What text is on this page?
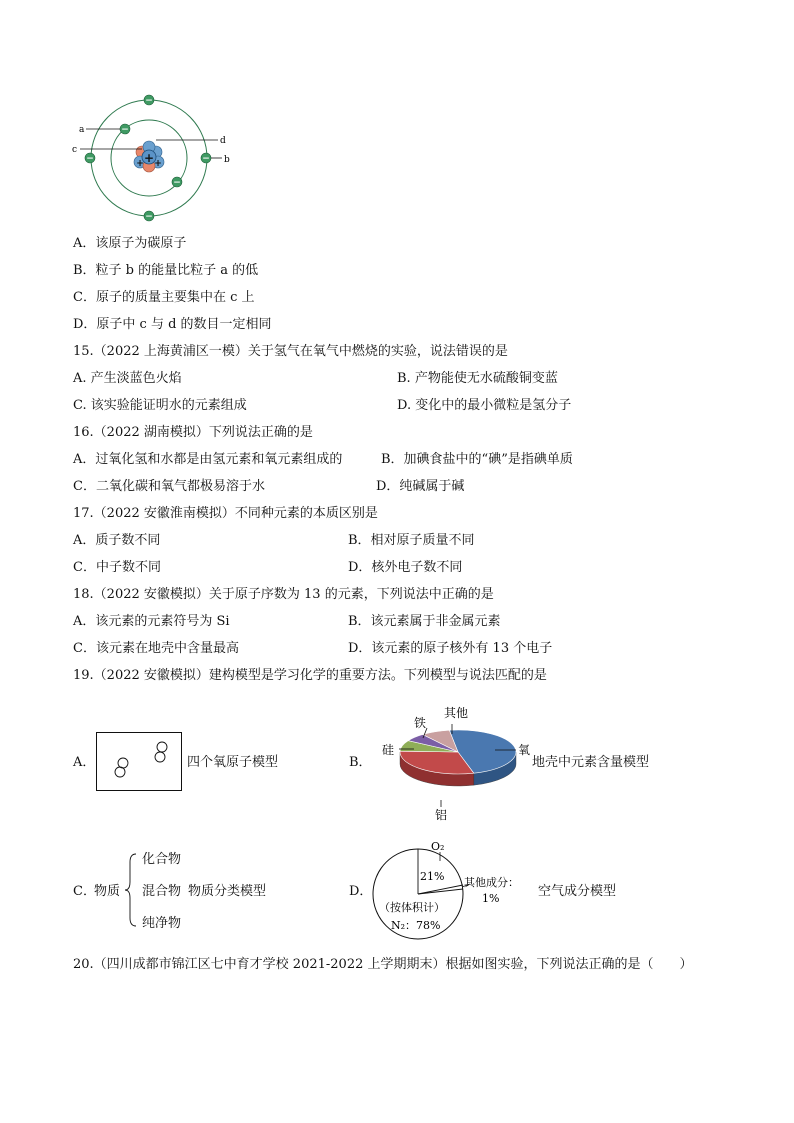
+ +
+
−
−
−	−
−
−
a
c
d
b
A．该原子为碳原子
B．粒子 b 的能量比粒子 a 的低
C．原子的质量主要集中在 c 上
D．原子中 c 与 d 的数目一定相同
15.（2022 上海黄浦区一模）关于氢气在氧气中燃烧的实验，说法错误的是
A. 产生淡蓝色火焰	B. 产物能使无水硫酸铜变蓝
C. 该实验能证明水的元素组成	D. 变化中的最小微粒是氢分子
16.（2022 湖南模拟）下列说法正确的是
A．过氧化氢和水都是由氢元素和氧元素组成的	B．加碘食盐中的“碘”是指碘单质
C．二氧化碳和氧气都极易溶于水	D．纯碱属于碱
17.（2022 安徽淮南模拟）不同种元素的本质区别是
A．质子数不同	B．相对原子质量不同
C．中子数不同	D．核外电子数不同
18.（2022 安徽模拟）关于原子序数为 13 的元素，下列说法中正确的是
A．该元素的元素符号为 Si	B．该元素属于非金属元素
C．该元素在地壳中含量最高	D．该元素的原子核外有 13 个电子
19.（2022 安徽模拟）建构模型是学习化学的重要方法。下列模型与说法匹配的是
A．	四个氧原子模型	B．
氧
铝
硅
铁
其他
地壳中元素含量模型
C．
物质
化合物
混合物 物质分类模型
纯净物
D．
O₂
21% 其他成分：
1%
（按体积计）
N₂：78%
空气成分模型
20.（四川成都市锦江区七中育才学校 2021-2022 上学期期末）根据如图实验，下列说法正确的是（　　）
